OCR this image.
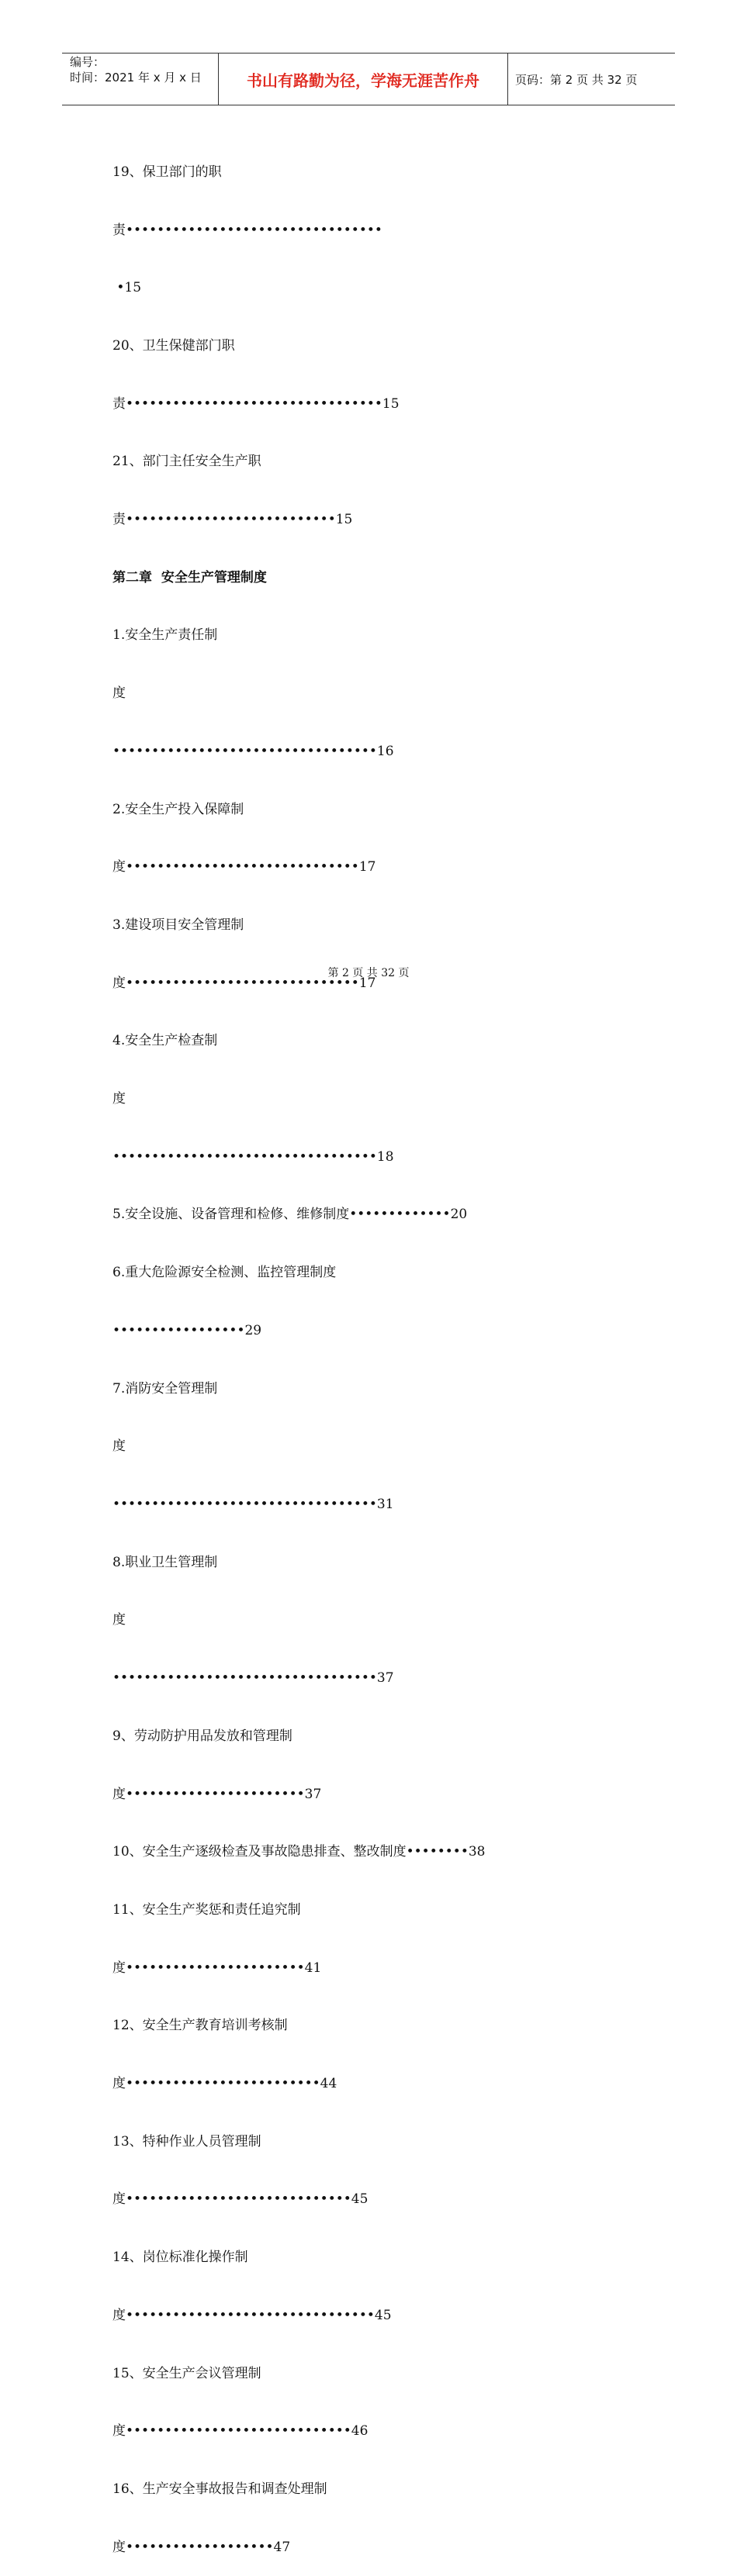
编号：
时间：2021 年 x 月 x 日	书山有路勤为径，学海无涯苦作舟	页码：第 2 页 共 32 页

19、保卫部门的职

责•••••••••••••••••••••••••••••••••

•15

20、卫生保健部门职

责•••••••••••••••••••••••••••••••••15

21、部门主任安全生产职

责•••••••••••••••••••••••••••15

第二章  安全生产管理制度

1.安全生产责任制

度

••••••••••••••••••••••••••••••••••16

2.安全生产投入保障制

度••••••••••••••••••••••••••••••17

3.建设项目安全管理制

度••••••••••••••••••••••••••••••17

4.安全生产检查制

度

••••••••••••••••••••••••••••••••••18

5.安全设施、设备管理和检修、维修制度•••••••••••••20

6.重大危险源安全检测、监控管理制度

•••••••••••••••••29

7.消防安全管理制

度

••••••••••••••••••••••••••••••••••31

8.职业卫生管理制

度

••••••••••••••••••••••••••••••••••37

9、劳动防护用品发放和管理制

度•••••••••••••••••••••••37

10、安全生产逐级检查及事故隐患排查、整改制度••••••••38

11、安全生产奖惩和责任追究制

度•••••••••••••••••••••••41

12、安全生产教育培训考核制

度•••••••••••••••••••••••••44

13、特种作业人员管理制

度•••••••••••••••••••••••••••••45

14、岗位标准化操作制

度••••••••••••••••••••••••••••••••45

15、安全生产会议管理制

度•••••••••••••••••••••••••••••46

16、生产安全事故报告和调查处理制

度•••••••••••••••••••47

第 2 页 共 32 页
